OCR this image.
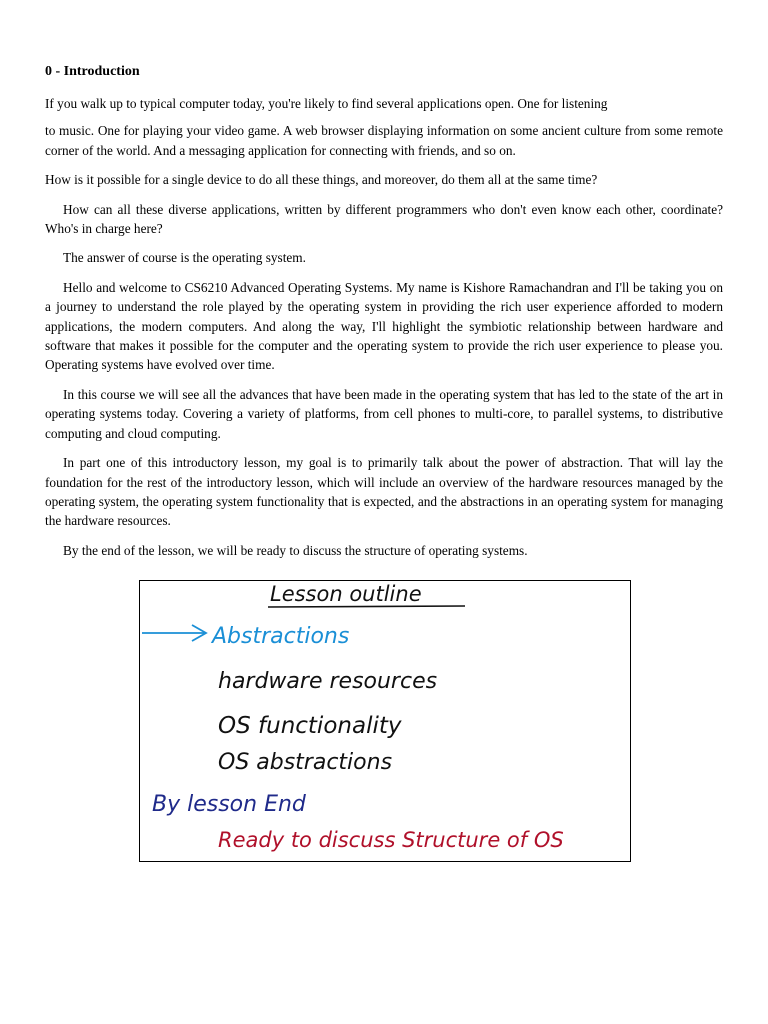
0 - Introduction

If you walk up to typical computer today, you're likely to find several applications open. One for listening

to music. One for playing your video game. A web browser displaying information on some ancient culture from some remote corner of the world. And a messaging application for connecting with friends, and so on.

How is it possible for a single device to do all these things, and moreover, do them all at the same time?

How can all these diverse applications, written by different programmers who don't even know each other, coordinate? Who's in charge here?

The answer of course is the operating system.

Hello and welcome to CS6210 Advanced Operating Systems. My name is Kishore Ramachandran and I'll be taking you on a journey to understand the role played by the operating system in providing the rich user experience afforded to modern applications, the modern computers. And along the way, I'll highlight the symbiotic relationship between hardware and software that makes it possible for the computer and the operating system to provide the rich user experience to please you. Operating systems have evolved over time.

In this course we will see all the advances that have been made in the operating system that has led to the state of the art in operating systems today. Covering a variety of platforms, from cell phones to multi-core, to parallel systems, to distributive computing and cloud computing.

In part one of this introductory lesson, my goal is to primarily talk about the power of abstraction. That will lay the foundation for the rest of the introductory lesson, which will include an overview of the hardware resources managed by the operating system, the operating system functionality that is expected, and the abstractions in an operating system for managing the hardware resources.

By the end of the lesson, we will be ready to discuss the structure of operating systems.

Lesson outline
Abstractions
hardware resources
OS functionality
OS abstractions
By lesson End
Ready to discuss Structure of OS
